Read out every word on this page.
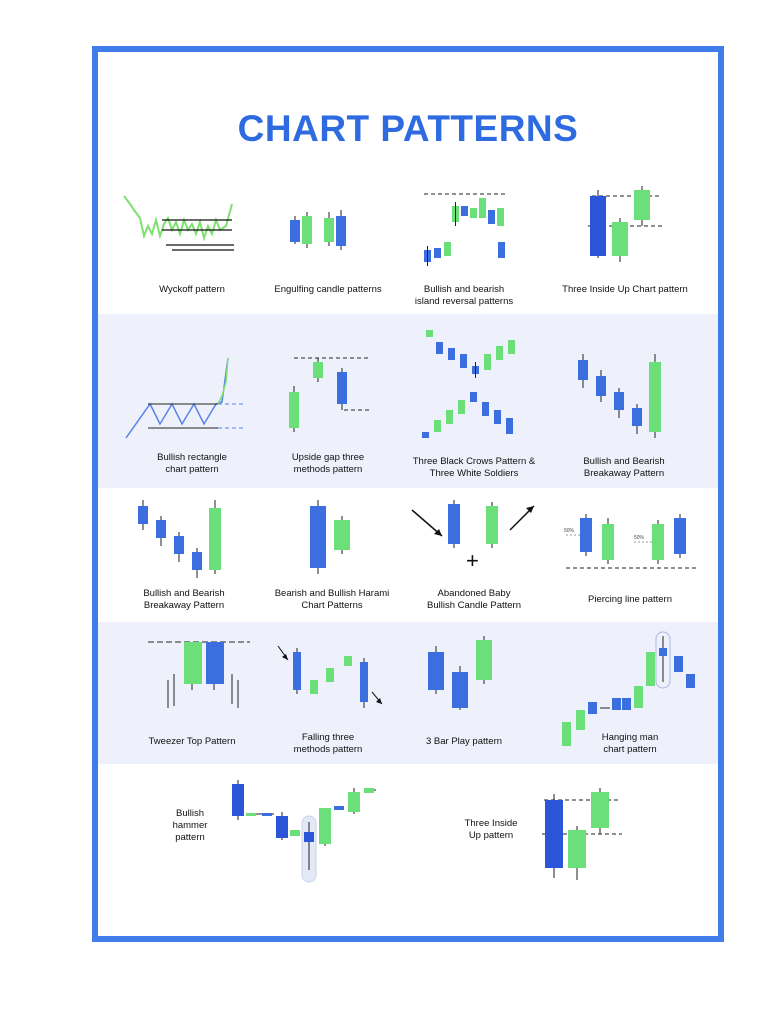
CHART PATTERNS
Wyckoff pattern	Engulfing candle patterns	Bullish and bearish
island reversal patterns
Three Inside Up Chart pattern
Bullish rectangle
chart pattern
Upside gap three
methods pattern
Three Black Crows Pattern &
Three White Soldiers
Bullish and Bearish
Breakaway Pattern
Bullish and Bearish
Breakaway Pattern
Bearish and Bullish Harami
Chart Patterns
+
Abandoned Baby
Bullish Candle Pattern
50%
50%
Piercing line pattern
Tweezer Top Pattern	Falling three
methods pattern
3 Bar Play pattern	Hanging man
chart pattern
Bullish
hammer
pattern
Three Inside
Up pattern
